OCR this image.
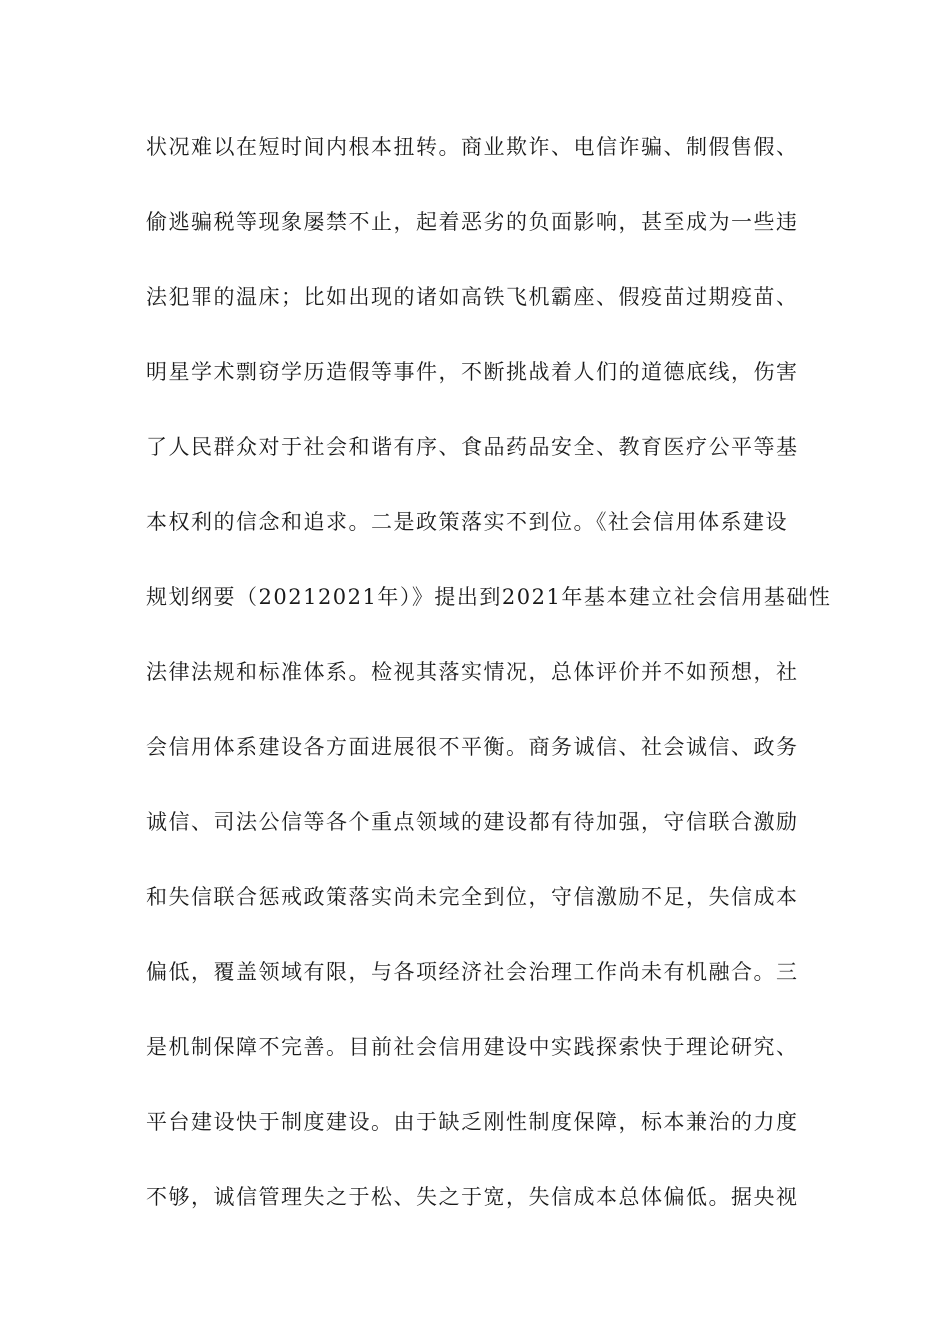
状况难以在短时间内根本扭转。商业欺诈、电信诈骗、制假售假、
偷逃骗税等现象屡禁不止，起着恶劣的负面影响，甚至成为一些违
法犯罪的温床；比如出现的诸如高铁飞机霸座、假疫苗过期疫苗、
明星学术剽窃学历造假等事件，不断挑战着人们的道德底线，伤害
了人民群众对于社会和谐有序、食品药品安全、教育医疗公平等基
本权利的信念和追求。二是政策落实不到位。《社会信用体系建设
规划纲要（20212021年）》提出到2021年基本建立社会信用基础性
法律法规和标准体系。检视其落实情况，总体评价并不如预想，社
会信用体系建设各方面进展很不平衡。商务诚信、社会诚信、政务
诚信、司法公信等各个重点领域的建设都有待加强，守信联合激励
和失信联合惩戒政策落实尚未完全到位，守信激励不足，失信成本
偏低，覆盖领域有限，与各项经济社会治理工作尚未有机融合。三
是机制保障不完善。目前社会信用建设中实践探索快于理论研究、
平台建设快于制度建设。由于缺乏刚性制度保障，标本兼治的力度
不够，诚信管理失之于松、失之于宽，失信成本总体偏低。据央视
